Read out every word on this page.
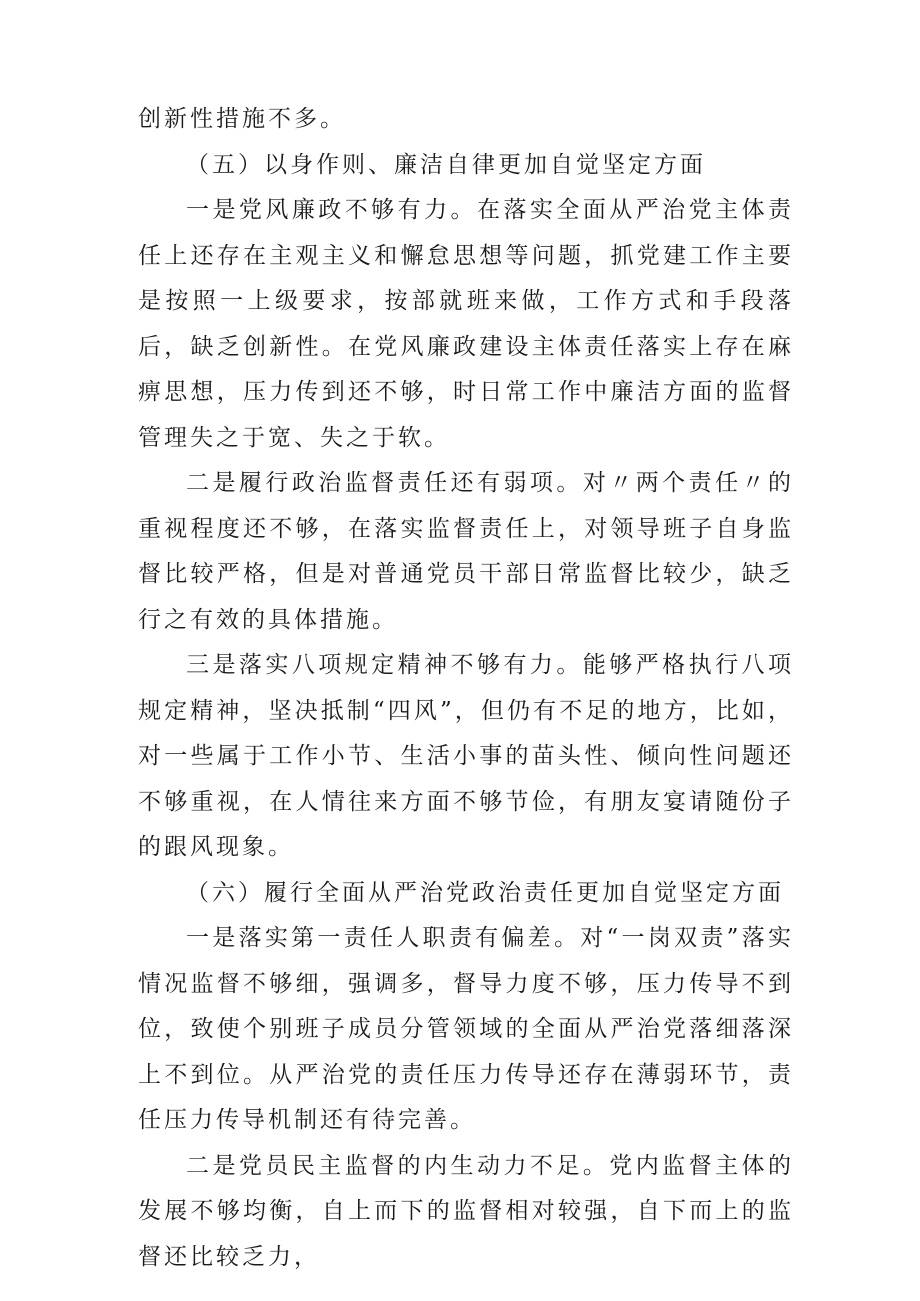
创新性措施不多。

（五）以身作则、廉洁自律更加自觉坚定方面

一是党风廉政不够有力。在落实全面从严治党主体责任上还存在主观主义和懈怠思想等问题，抓党建工作主要是按照一上级要求，按部就班来做，工作方式和手段落后，缺乏创新性。在党风廉政建设主体责任落实上存在麻痹思想，压力传到还不够，时日常工作中廉洁方面的监督管理失之于宽、失之于软。

二是履行政治监督责任还有弱项。对〃两个责任〃的重视程度还不够，在落实监督责任上，对领导班子自身监督比较严格，但是对普通党员干部日常监督比较少，缺乏行之有效的具体措施。

三是落实八项规定精神不够有力。能够严格执行八项规定精神，坚决抵制“四风”，但仍有不足的地方，比如，对一些属于工作小节、生活小事的苗头性、倾向性问题还不够重视，在人情往来方面不够节俭，有朋友宴请随份子的跟风现象。

（六）履行全面从严治党政治责任更加自觉坚定方面

一是落实第一责任人职责有偏差。对“一岗双责”落实情况监督不够细，强调多，督导力度不够，压力传导不到位，致使个别班子成员分管领域的全面从严治党落细落深上不到位。从严治党的责任压力传导还存在薄弱环节，责任压力传导机制还有待完善。

二是党员民主监督的内生动力不足。党内监督主体的发展不够均衡，自上而下的监督相对较强，自下而上的监督还比较乏力，
